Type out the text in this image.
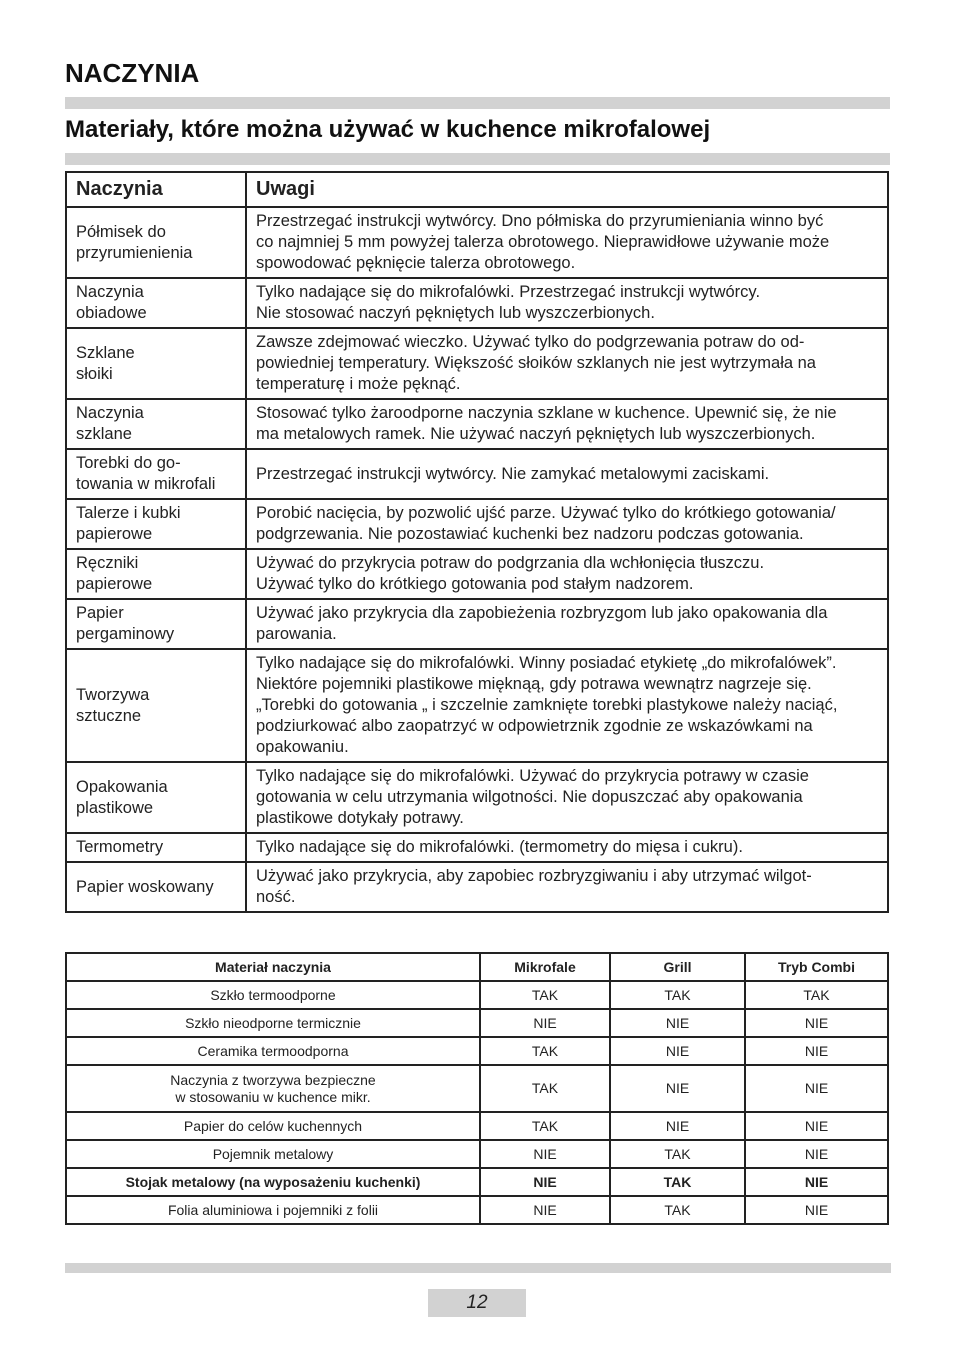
NACZYNIA
Materiały, które można używać w kuchence mikrofalowej
Naczynia	Uwagi
Półmisek do
przyrumienienia	Przestrzegać instrukcji wytwórcy. Dno półmiska do przyrumieniania winno być
co najmniej 5 mm powyżej talerza obrotowego. Nieprawidłowe używanie może
spowodować pęknięcie talerza obrotowego.
Naczynia
obiadowe	Tylko nadające się do mikrofalówki. Przestrzegać instrukcji wytwórcy.
Nie stosować naczyń pękniętych lub wyszczerbionych.
Szklane
słoiki	Zawsze zdejmować wieczko. Używać tylko do podgrzewania potraw do od-
powiedniej temperatury. Większość słoików szklanych nie jest wytrzymała na
temperaturę i może pęknąć.
Naczynia
szklane	Stosować tylko żaroodporne naczynia szklane w kuchence. Upewnić się, że nie
ma metalowych ramek. Nie używać naczyń pękniętych lub wyszczerbionych.
Torebki do go-
towania w mikrofali	Przestrzegać instrukcji wytwórcy. Nie zamykać metalowymi zaciskami.
Talerze i kubki
papierowe	Porobić nacięcia, by pozwolić ujść parze. Używać tylko do krótkiego gotowania/
podgrzewania. Nie pozostawiać kuchenki bez nadzoru podczas gotowania.
Ręczniki
papierowe	Używać do przykrycia potraw do podgrzania dla wchłonięcia tłuszczu.
Używać tylko do krótkiego gotowania pod stałym nadzorem.
Papier
pergaminowy	Używać jako przykrycia dla zapobieżenia rozbryzgom lub jako opakowania dla
parowania.
Tworzywa
sztuczne	Tylko nadające się do mikrofalówki. Winny posiadać etykietę „do mikrofalówek”.
Niektóre pojemniki plastikowe mięknąą, gdy potrawa wewnątrz nagrzeje się.
„Torebki do gotowania „ i szczelnie zamknięte torebki plastykowe należy naciąć,
podziurkować albo zaopatrzyć w odpowietrznik zgodnie ze wskazówkami na
opakowaniu.
Opakowania
plastikowe	Tylko nadające się do mikrofalówki. Używać do przykrycia potrawy w czasie
gotowania w celu utrzymania wilgotności. Nie dopuszczać aby opakowania
plastikowe dotykały potrawy.
Termometry	Tylko nadające się do mikrofalówki. (termometry do mięsa i cukru).
Papier woskowany	Używać jako przykrycia, aby zapobiec rozbryzgiwaniu i aby utrzymać wilgot-
ność.
Materiał naczynia	Mikrofale	Grill	Tryb Combi
Szkło termoodporne	TAK	TAK	TAK
Szkło nieodporne termicznie	NIE	NIE	NIE
Ceramika termoodporna	TAK	NIE	NIE
Naczynia z tworzywa bezpieczne
w stosowaniu w kuchence mikr.	TAK	NIE	NIE
Papier do celów kuchennych	TAK	NIE	NIE
Pojemnik metalowy	NIE	TAK	NIE
Stojak metalowy (na wyposażeniu kuchenki)	NIE	TAK	NIE
Folia aluminiowa i pojemniki z folii	NIE	TAK	NIE
12
